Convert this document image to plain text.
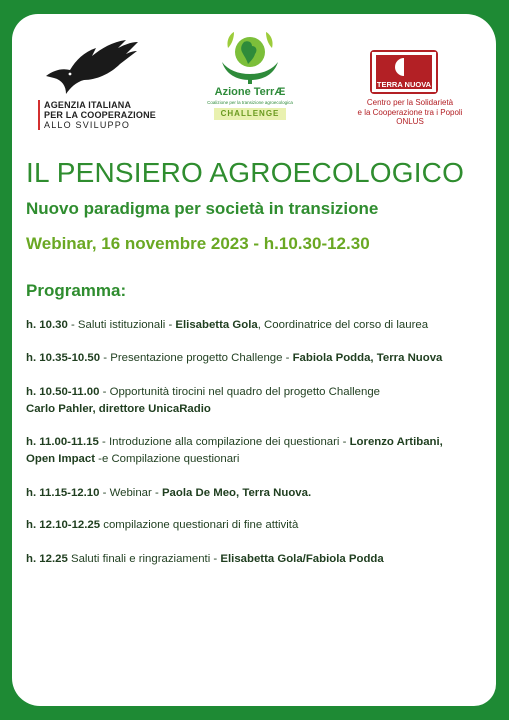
AGENZIA ITALIANA
PER LA COOPERAZIONE
ALLO SVILUPPO
Azione TerrÆ
Coalizione per la transizione agroecologica
CHALLENGE
TERRA NUOVA
Centro per la Solidarietà
e la Cooperazione tra i Popoli
ONLUS
IL PENSIERO AGROECOLOGICO
Nuovo paradigma per società in transizione
Webinar, 16 novembre 2023 - h.10.30-12.30
Programma:
h. 10.30 - Saluti istituzionali - Elisabetta Gola, Coordinatrice del corso di laurea
h. 10.35-10.50 - Presentazione progetto Challenge - Fabiola Podda, Terra Nuova
h. 10.50-11.00 - Opportunità tirocini nel quadro del progetto Challenge
Carlo Pahler, direttore UnicaRadio
h. 11.00-11.15 - Introduzione alla compilazione dei questionari - Lorenzo Artibani,
Open Impact -e Compilazione questionari
h. 11.15-12.10 - Webinar - Paola De Meo, Terra Nuova.
h. 12.10-12.25 compilazione questionari di fine attività
h. 12.25 Saluti finali e ringraziamenti - Elisabetta Gola/Fabiola Podda
